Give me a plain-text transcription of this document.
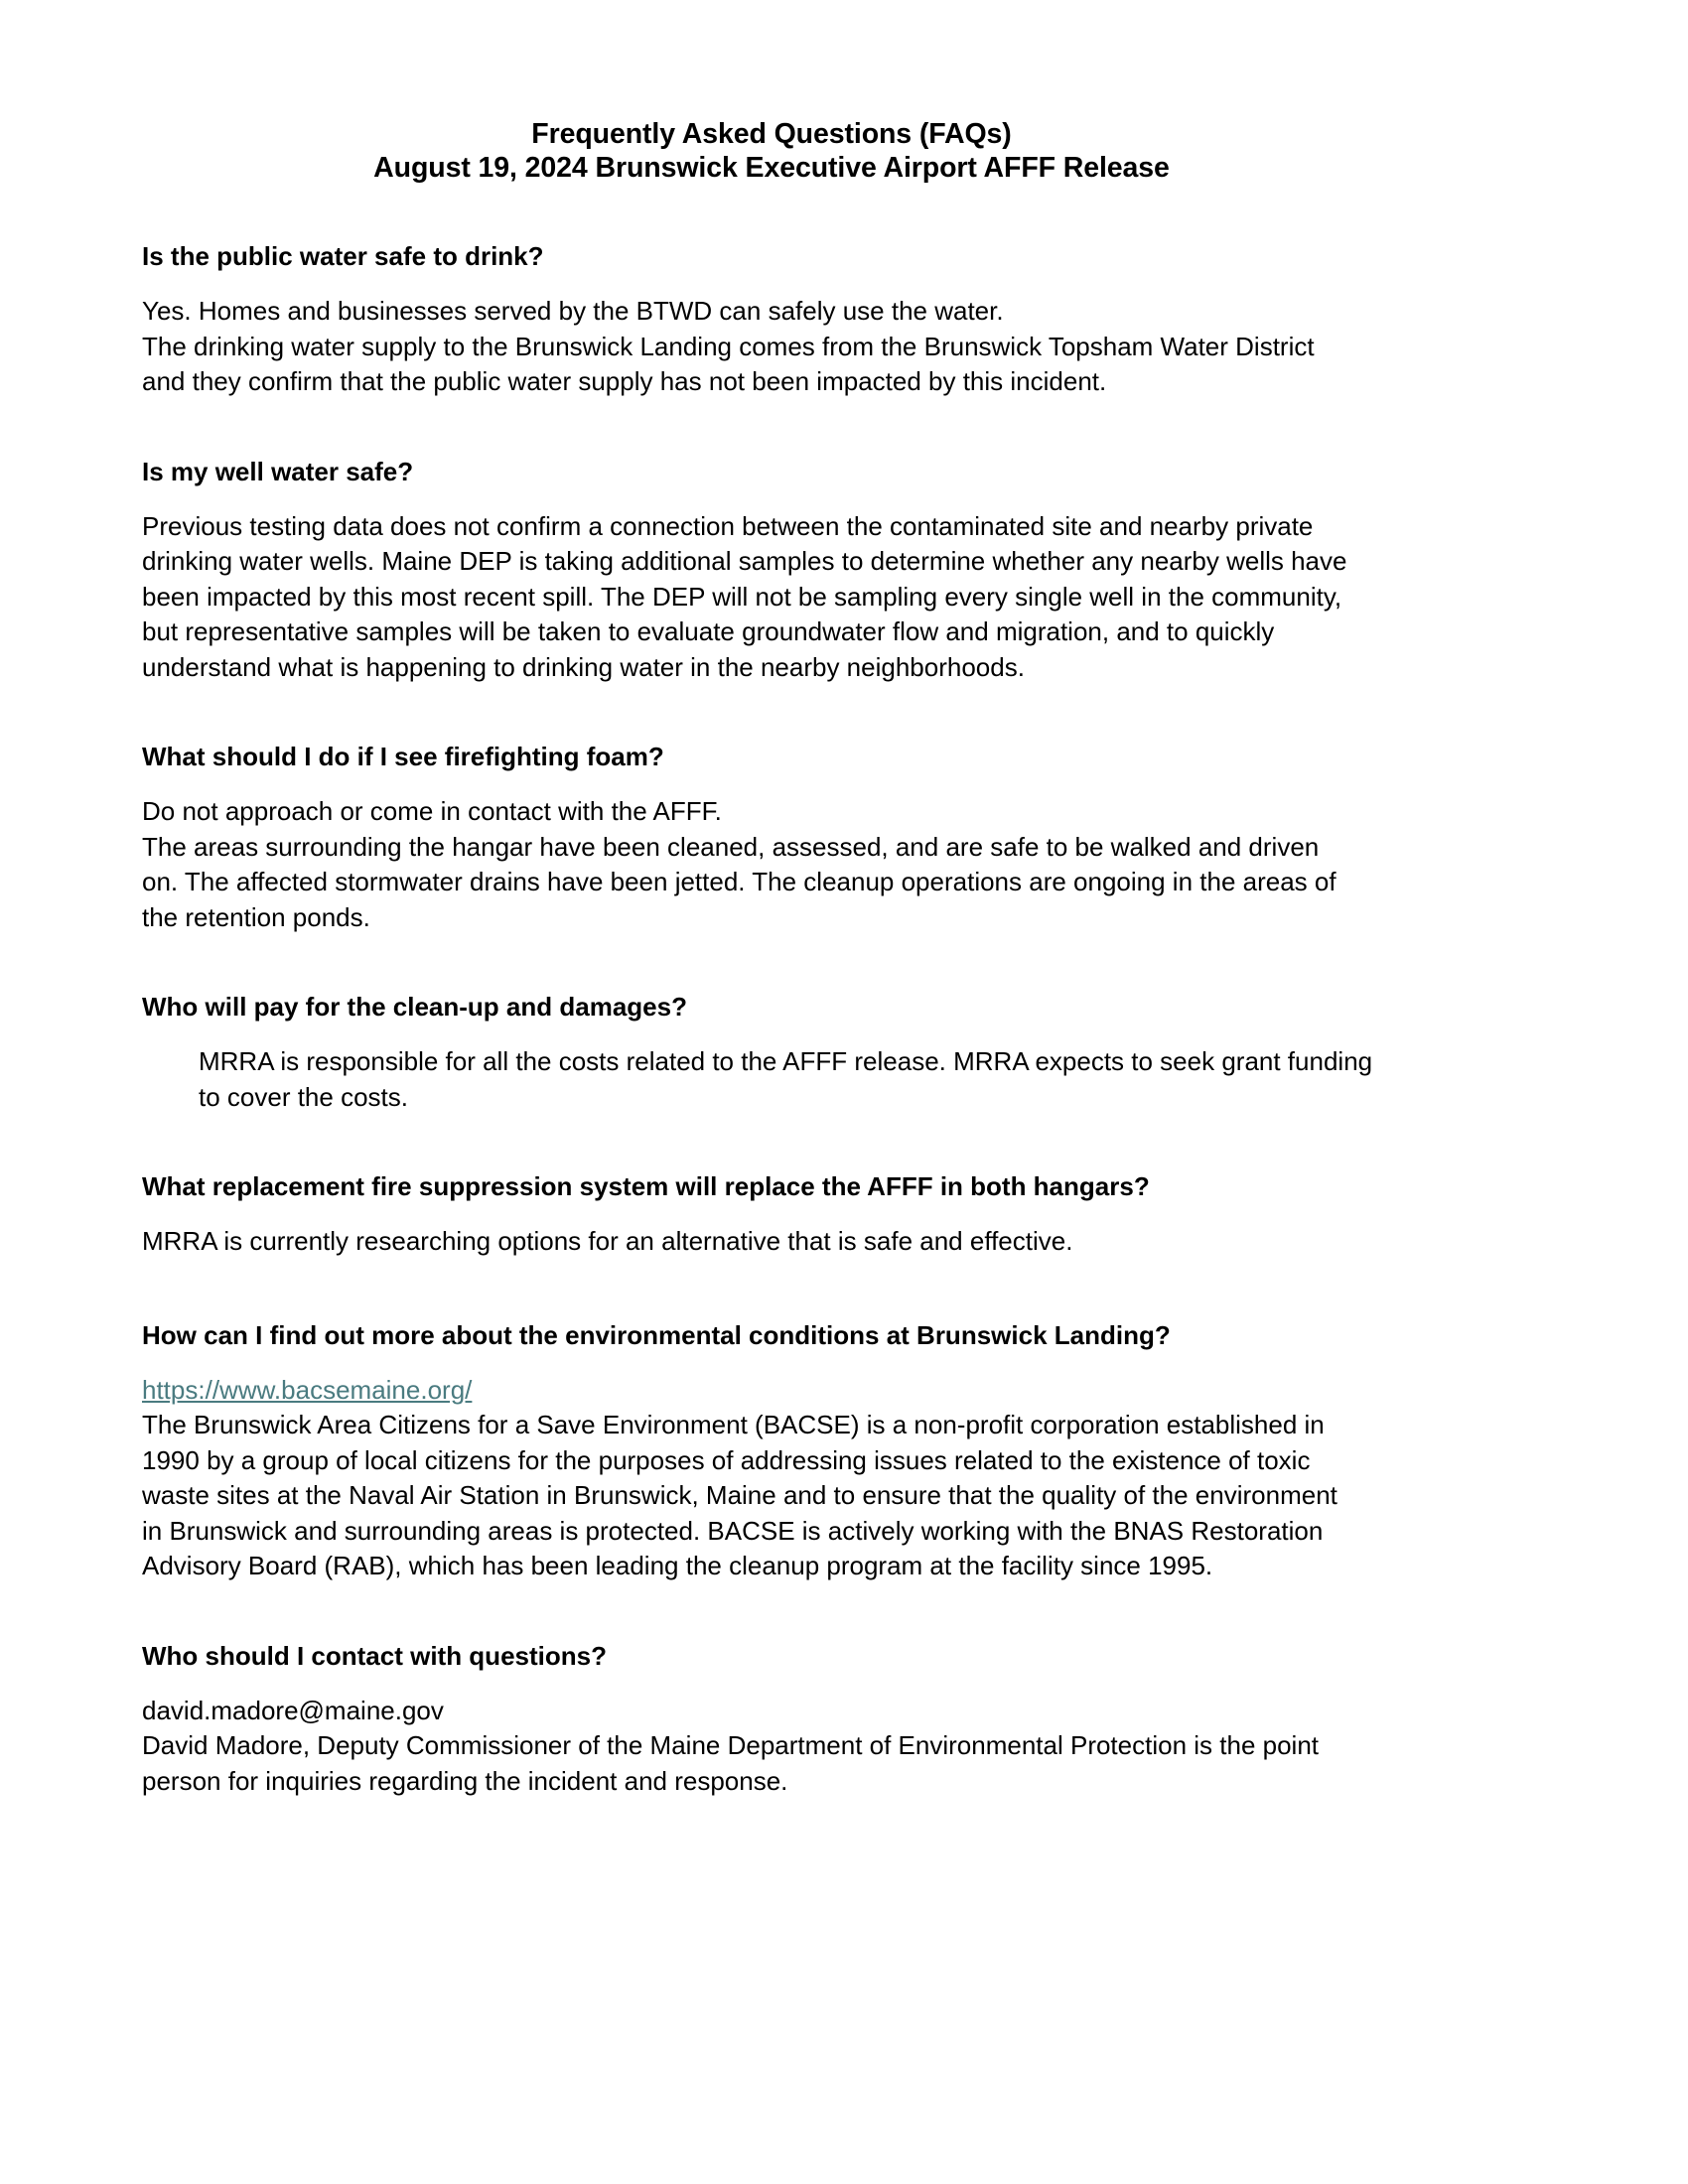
Frequently Asked Questions (FAQs)
August 19, 2024 Brunswick Executive Airport AFFF Release

Is the public water safe to drink?

Yes. Homes and businesses served by the BTWD can safely use the water.
The drinking water supply to the Brunswick Landing comes from the Brunswick Topsham Water District
and they confirm that the public water supply has not been impacted by this incident.

Is my well water safe?

Previous testing data does not confirm a connection between the contaminated site and nearby private
drinking water wells. Maine DEP is taking additional samples to determine whether any nearby wells have
been impacted by this most recent spill. The DEP will not be sampling every single well in the community,
but representative samples will be taken to evaluate groundwater flow and migration, and to quickly
understand what is happening to drinking water in the nearby neighborhoods.

What should I do if I see firefighting foam?

Do not approach or come in contact with the AFFF.
The areas surrounding the hangar have been cleaned, assessed, and are safe to be walked and driven
on. The affected stormwater drains have been jetted. The cleanup operations are ongoing in the areas of
the retention ponds.

Who will pay for the clean-up and damages?

MRRA is responsible for all the costs related to the AFFF release. MRRA expects to seek grant funding
to cover the costs.

What replacement fire suppression system will replace the AFFF in both hangars?

MRRA is currently researching options for an alternative that is safe and effective.

How can I find out more about the environmental conditions at Brunswick Landing?

https://www.bacsemaine.org/
The Brunswick Area Citizens for a Save Environment (BACSE) is a non-profit corporation established in
1990 by a group of local citizens for the purposes of addressing issues related to the existence of toxic
waste sites at the Naval Air Station in Brunswick, Maine and to ensure that the quality of the environment
in Brunswick and surrounding areas is protected. BACSE is actively working with the BNAS Restoration
Advisory Board (RAB), which has been leading the cleanup program at the facility since 1995.

Who should I contact with questions?

david.madore@maine.gov
David Madore, Deputy Commissioner of the Maine Department of Environmental Protection is the point
person for inquiries regarding the incident and response.
